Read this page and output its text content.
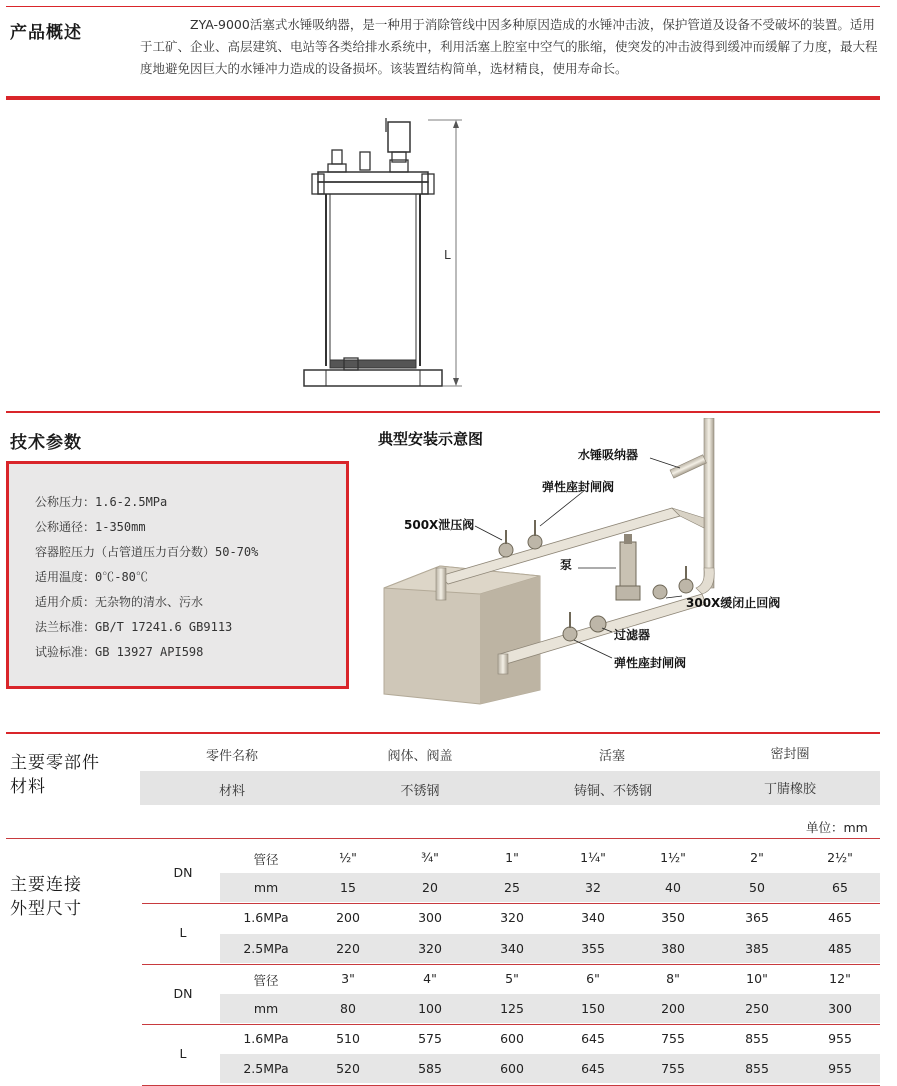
产品概述	ZYA-9000活塞式水锤吸纳器，是一种用于消除管线中因多种原因造成的水锤冲击波，保护管道及设备不受破坏的装置。适用于工矿、企业、高层建筑、电站等各类给排水系统中，利用活塞上腔室中空气的胀缩，使突发的冲击波得到缓冲而缓解了力度，最大程度地避免因巨大的水锤冲力造成的设备损坏。该装置结构简单，选材精良，使用寿命长。
L
技术参数
公称压力：1.6-2.5MPa
公称通径：1-350mm
容器腔压力（占管道压力百分数）50-70%
适用温度：0℃-80℃
适用介质：无杂物的清水、污水
法兰标准：GB/T 17241.6 GB9113
试验标准：GB 13927 API598
典型安装示意图
水锤吸纳器
弹性座封闸阀
500X泄压阀
泵
300X缓闭止回阀
过滤器
弹性座封闸阀
主要零部件
材料
零件名称	阀体、阀盖	活塞	密封圈
材料	不锈钢	铸铜、不锈钢	丁腈橡胶
单位：mm
主要连接
外型尺寸
管径	½"	¾"	1"	1¼"	1½"	2"	2½"
mm	15	20	25	32	40	50	65
1.6MPa	200	300	320	340	350	365	465
2.5MPa	220	320	340	355	380	385	485
DN
L
管径	3"	4"	5"	6"	8"	10"	12"
mm	80	100	125	150	200	250	300
1.6MPa	510	575	600	645	755	855	955
2.5MPa	520	585	600	645	755	855	955
DN
L
